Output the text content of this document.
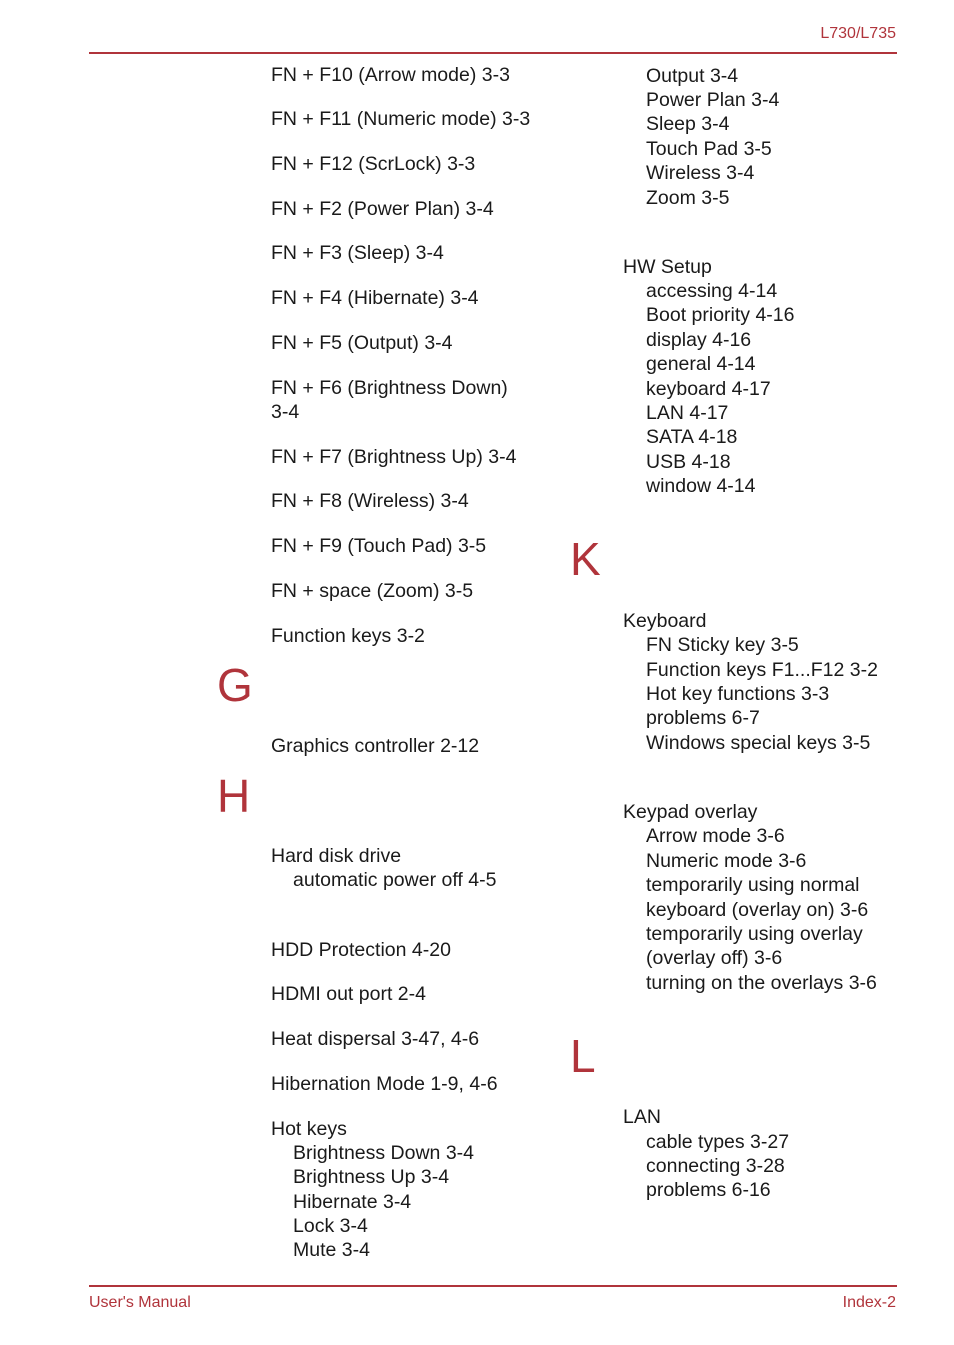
L730/L735
User's Manual	Index-2
FN + F10 (Arrow mode) 3-3
FN + F11 (Numeric mode) 3-3
FN + F12 (ScrLock) 3-3
FN + F2 (Power Plan) 3-4
FN + F3 (Sleep) 3-4
FN + F4 (Hibernate) 3-4
FN + F5 (Output) 3-4
FN + F6 (Brightness Down)
3-4
FN + F7 (Brightness Up) 3-4
FN + F8 (Wireless) 3-4
FN + F9 (Touch Pad) 3-5
FN + space (Zoom) 3-5
Function keys 3-2
G
Graphics controller 2-12
H
Hard disk drive
automatic power off 4-5
HDD Protection 4-20
HDMI out port 2-4
Heat dispersal 3-47, 4-6
Hibernation Mode 1-9, 4-6
Hot keys
Brightness Down 3-4
Brightness Up 3-4
Hibernate 3-4
Lock 3-4
Mute 3-4
Output 3-4
Power Plan 3-4
Sleep 3-4
Touch Pad 3-5
Wireless 3-4
Zoom 3-5
HW Setup
accessing 4-14
Boot priority 4-16
display 4-16
general 4-14
keyboard 4-17
LAN 4-17
SATA 4-18
USB 4-18
window 4-14
K
Keyboard
FN Sticky key 3-5
Function keys F1...F12 3-2
Hot key functions 3-3
problems 6-7
Windows special keys 3-5
Keypad overlay
Arrow mode 3-6
Numeric mode 3-6
temporarily using normal
keyboard (overlay on) 3-6
temporarily using overlay
(overlay off) 3-6
turning on the overlays 3-6
L
LAN
cable types 3-27
connecting 3-28
problems 6-16
